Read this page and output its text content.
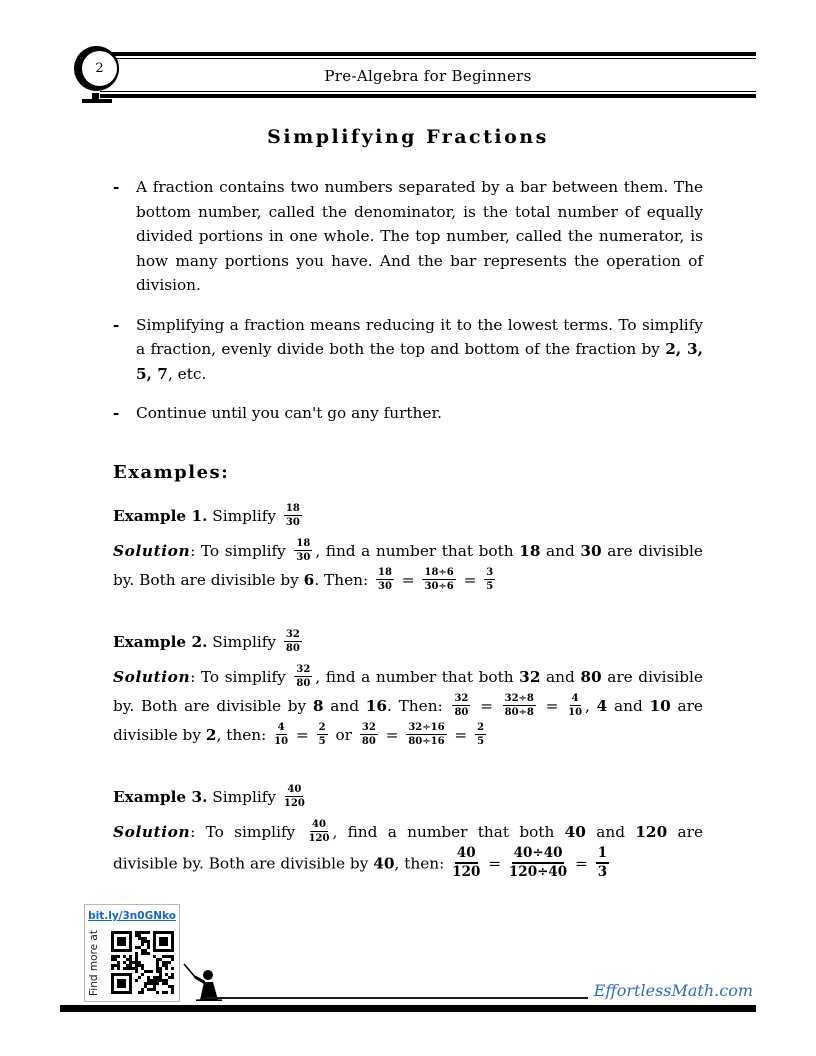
Pre-Algebra for Beginners
2
Simplifying Fractions
-	A fraction contains two numbers separated by a bar between them. The bottom number, called the denominator, is the total number of equally divided portions in one whole. The top number, called the numerator, is how many portions you have. And the bar represents the operation of division.
-	Simplifying a fraction means reducing it to the lowest terms. To simplify a fraction, evenly divide both the top and bottom of the fraction by 2, 3, 5, 7, etc.
-	Continue until you can't go any further.
Examples:

Example 1. Simplify $\frac{18}{30}$

Solution: To simplify $\frac{18}{30}$ , find a number that both 18 and 30 are divisible by. Both are divisible by 6. Then: $\frac{18}{30} = \frac{18\div 6}{30\div 6} = \frac{3}{5}$

Example 2. Simplify $\frac{32}{80}$

Solution: To simplify $\frac{32}{80}$ , find a number that both 32 and 80 are divisible by. Both are divisible by 8 and 16. Then: $\frac{32}{80} = \frac{32\div 8}{80\div 8} = \frac{4}{10}$ , 4 and 10 are divisible by 2, then: $\frac{4}{10} = \frac{2}{5}$ or $\frac{32}{80} = \frac{32\div 16}{80\div 16} = \frac{2}{5}$

Example 3. Simplify $\frac{40}{120}$

Solution: To simplify $\frac{40}{120}$ , find a number that both 40 and 120 are divisible by. Both are divisible by 40, then: $\frac{40}{120} = \frac{40\div 40}{120\div 40} = \frac{1}{3}$

bit.ly/3n0GNko
Find more at	EffortlessMath.com
